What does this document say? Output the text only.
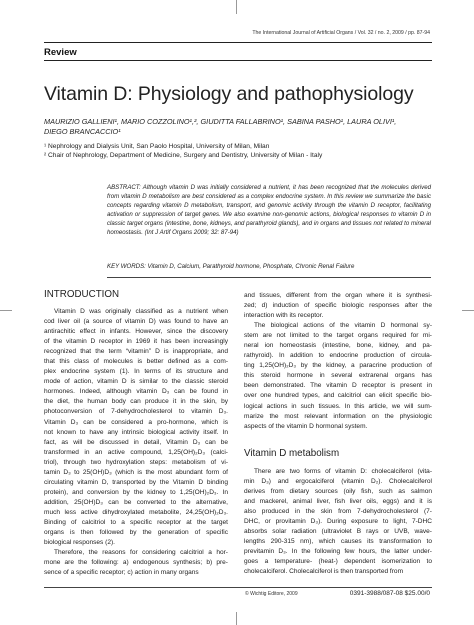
The International Journal of Artificial Organs / Vol. 32 / no. 2, 2009 / pp. 87-94
Review
Vitamin D: Physiology and pathophysiology
MAURIZIO GALLIENI¹, MARIO COZZOLINO¹,², GIUDITTA FALLABRINO¹, SABINA PASHO¹, LAURA OLIVI¹,
DIEGO BRANCACCIO¹
¹ Nephrology and Dialysis Unit, San Paolo Hospital, University of Milan, Milan
² Chair of Nephrology, Department of Medicine, Surgery and Dentistry, University of Milan - Italy
ABSTRACT: Although vitamin D was initially considered a nutrient, it has been recognized that the molecules derived from vitamin D metabolism are best considered as a complex endocrine system. In this review we summarize the basic concepts regarding vitamin D metabolism, transport, and genomic activity through the vitamin D receptor, facilitating activation or suppression of target genes. We also examine non-genomic actions, biological responses to vitamin D in classic target organs (intestine, bone, kidneys, and parathyroid glands), and in organs and tissues not related to mineral homeostasis. (Int J Artif Organs 2009; 32: 87-94)
KEY WORDS: Vitamin D, Calcium, Parathyroid hormone, Phosphate, Chronic Renal Failure
INTRODUCTION
Vitamin D was originally classified as a nutrient when
cod liver oil (a source of vitamin D) was found to have an
antirachitic effect in infants. However, since the discovery
of the vitamin D receptor in 1969 it has been increasingly
recognized that the term “vitamin” D is inappropriate, and
that this class of molecules is better defined as a com-
plex endocrine system (1). In terms of its structure and
mode of action, vitamin D is similar to the classic steroid
hormones. Indeed, although vitamin D₃ can be found in
the diet, the human body can produce it in the skin, by
photoconversion of 7-dehydrocholesterol to vitamin D₃.
Vitamin D₃ can be considered a pro-hormone, which is
not known to have any intrinsic biological activity itself. In
fact, as will be discussed in detail, Vitamin D₃ can be
transformed in an active compound, 1,25(OH)₂D₃ (calci-
triol), through two hydroxylation steps: metabolism of vi-
tamin D₃ to 25(OH)D₃ (which is the most abundant form of
circulating vitamin D, transported by the Vitamin D binding
protein), and conversion by the kidney to 1,25(OH)₂D₃. In
addition, 25(OH)D₃ can be converted to the alternative,
much less active dihydroxylated metabolite, 24,25(OH)₂D₃.
Binding of calcitriol to a specific receptor at the target
organs is then followed by the generation of specific
biological responses (2).
Therefore, the reasons for considering calcitriol a hor-
mone are the following: a) endogenous synthesis; b) pre-
sence of a specific receptor; c) action in many organs
and tissues, different from the organ where it is synthesi-
zed; d) induction of specific biologic responses after the
interaction with its receptor.
The biological actions of the vitamin D hormonal sy-
stem are not limited to the target organs required for mi-
neral ion homeostasis (intestine, bone, kidney, and pa-
rathyroid). In addition to endocrine production of circula-
ting 1,25(OH)₂D₃ by the kidney, a paracrine production of
this steroid hormone in several extrarenal organs has
been demonstrated. The vitamin D receptor is present in
over one hundred types, and calcitriol can elicit specific bio-
logical actions in such tissues. In this article, we will sum-
marize the most relevant information on the physiologic
aspects of the vitamin D hormonal system.
Vitamin D metabolism
There are two forms of vitamin D: cholecalciferol (vita-
min D₃) and ergocalciferol (vitamin D₂). Cholecalciferol
derives from dietary sources (oily fish, such as salmon
and mackerel, animal liver, fish liver oils, eggs) and it is
also produced in the skin from 7-dehydrocholesterol (7-
DHC, or provitamin D₃). During exposure to light, 7-DHC
absorbs solar radiation (ultraviolet B rays or UVB, wave-
lengths 290-315 nm), which causes its transformation to
previtamin D₃. In the following few hours, the latter under-
goes a temperature- (heat-) dependent isomerization to
cholecalciferol. Cholecalciferol is then transported from
© Wichtig Editore, 2009	0391-3988/087-08 $25.00/0
